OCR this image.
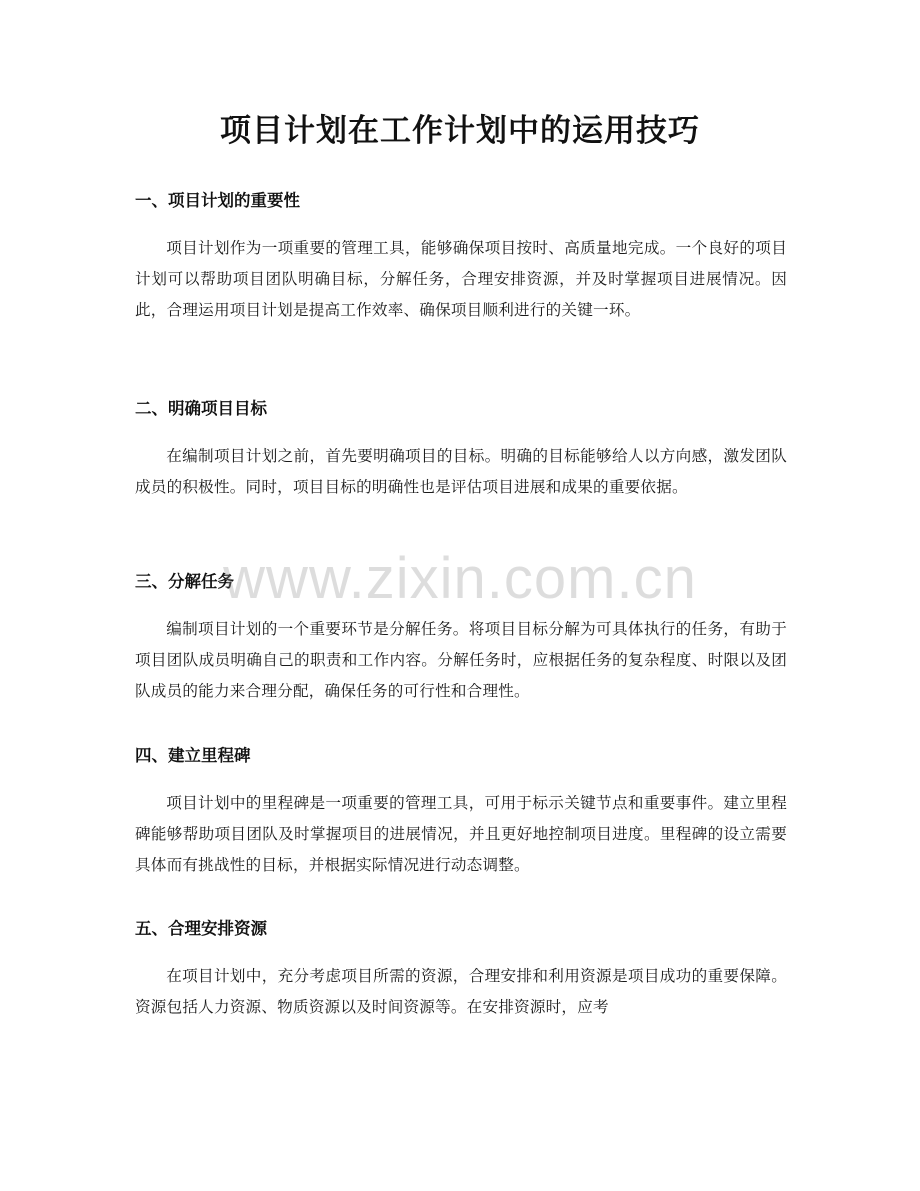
项目计划在工作计划中的运用技巧
一、项目计划的重要性

项目计划作为一项重要的管理工具，能够确保项目按时、高质量地完成。一个良好的项目计划可以帮助项目团队明确目标，分解任务，合理安排资源，并及时掌握项目进展情况。因此，合理运用项目计划是提高工作效率、确保项目顺利进行的关键一环。

二、明确项目目标

在编制项目计划之前，首先要明确项目的目标。明确的目标能够给人以方向感，激发团队成员的积极性。同时，项目目标的明确性也是评估项目进展和成果的重要依据。

三、分解任务

编制项目计划的一个重要环节是分解任务。将项目目标分解为可具体执行的任务，有助于项目团队成员明确自己的职责和工作内容。分解任务时，应根据任务的复杂程度、时限以及团队成员的能力来合理分配，确保任务的可行性和合理性。

四、建立里程碑

项目计划中的里程碑是一项重要的管理工具，可用于标示关键节点和重要事件。建立里程碑能够帮助项目团队及时掌握项目的进展情况，并且更好地控制项目进度。里程碑的设立需要具体而有挑战性的目标，并根据实际情况进行动态调整。

五、合理安排资源

在项目计划中，充分考虑项目所需的资源，合理安排和利用资源是项目成功的重要保障。资源包括人力资源、物质资源以及时间资源等。在安排资源时，应考

www.zixin.com.cn
